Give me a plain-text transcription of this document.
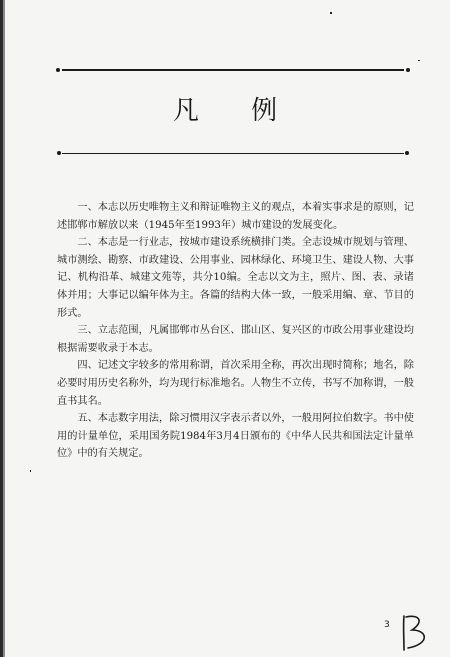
凡 例

一、本志以历史唯物主义和辩证唯物主义的观点，本着实事求是的原则，记述邯郸市解放以来（1945年至1993年）城市建设的发展变化。

二、本志是一行业志，按城市建设系统横排门类。全志设城市规划与管理、城市测绘、勘察、市政建设、公用事业、园林绿化、环境卫生、建设人物、大事记、机构沿革、城建文苑等，共分10编。全志以文为主，照片、图、表、录诸体并用；大事记以编年体为主。各篇的结构大体一致，一般采用编、章、节目的形式。

三、立志范围，凡属邯郸市丛台区、邯山区、复兴区的市政公用事业建设均根据需要收录于本志。

四、记述文字较多的常用称谓，首次采用全称，再次出现时简称；地名，除必要时用历史名称外，均为现行标准地名。人物生不立传，书写不加称谓，一般直书其名。

五、本志数字用法，除习惯用汉字表示者以外，一般用阿拉伯数字。书中使用的计量单位，采用国务院1984年3月4日颁布的《中华人民共和国法定计量单位》中的有关规定。

3
